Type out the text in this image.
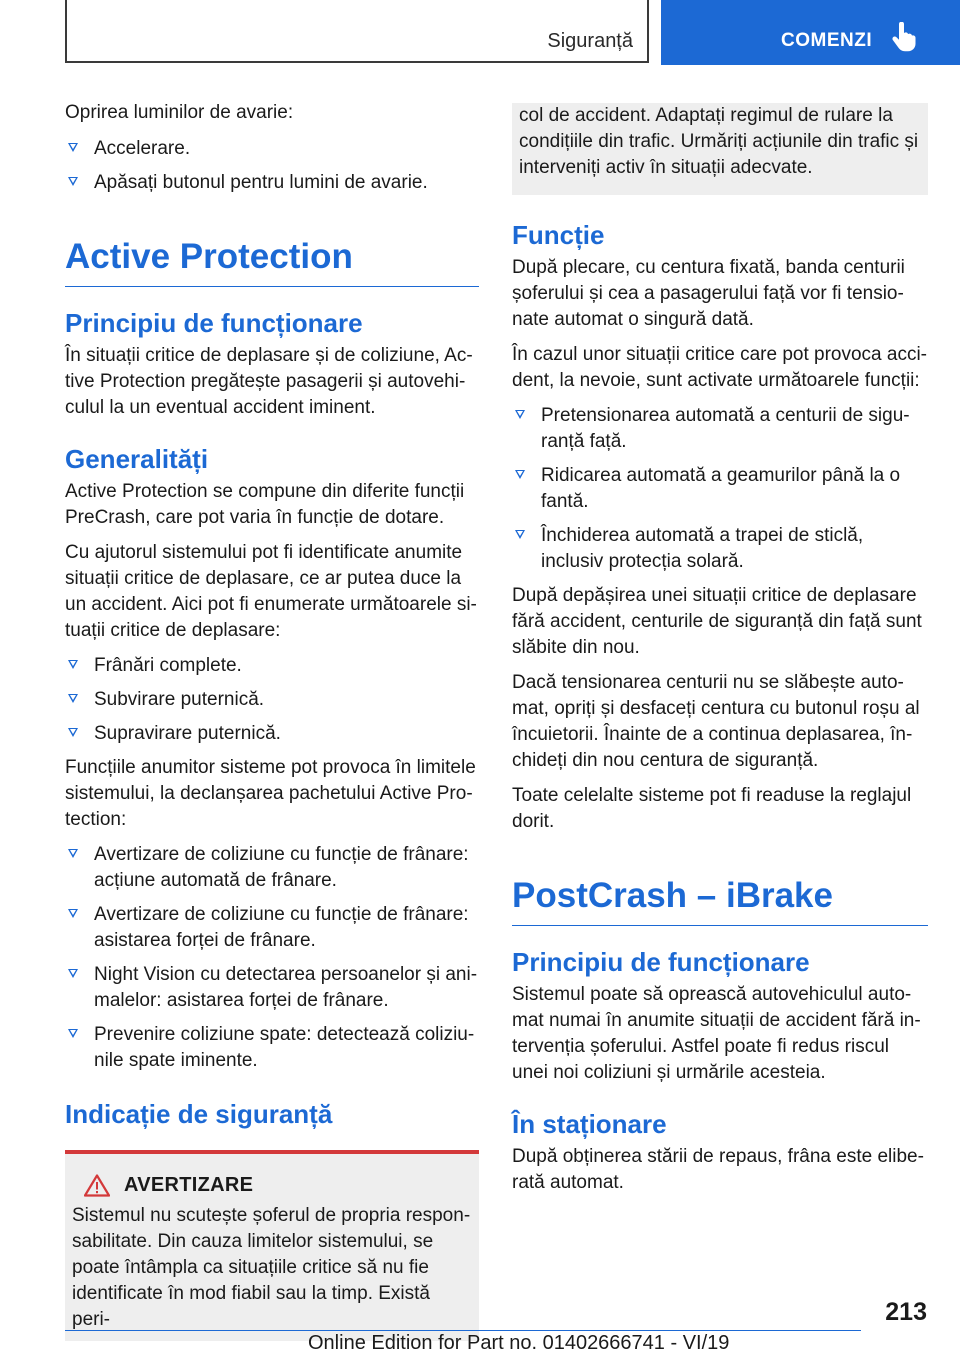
Siguranță	COMENZI

Oprirea luminilor de avarie:

Accelerare.
Apăsați butonul pentru lumini de avarie.
Active Protection
Principiu de funcționare

În situații critice de deplasare și de coliziune, Ac-tive Protection pregătește pasagerii și autovehi-culul la un eventual accident iminent.

Generalități

Active Protection se compune din diferite funcții PreCrash, care pot varia în funcție de dotare.

Cu ajutorul sistemului pot fi identificate anumite situații critice de deplasare, ce ar putea duce la un accident. Aici pot fi enumerate următoarele si-tuații critice de deplasare:

Frânări complete.
Subvirare puternică.
Supravirare puternică.

Funcțiile anumitor sisteme pot provoca în limitele sistemului, la declanșarea pachetului Active Pro-tection:

Avertizare de coliziune cu funcție de frânare: acțiune automată de frânare.
Avertizare de coliziune cu funcție de frânare: asistarea forței de frânare.
Night Vision cu detectarea persoanelor și ani-malelor: asistarea forței de frânare.
Prevenire coliziune spate: detectează coliziu-nile spate iminente.
Indicație de siguranță
AVERTIZARE

Sistemul nu scutește șoferul de propria respon-sabilitate. Din cauza limitelor sistemului, se poate întâmpla ca situațiile critice să nu fie identificate în mod fiabil sau la timp. Există peri-

col de accident. Adaptați regimul de rulare la condițiile din trafic. Urmăriți acțiunile din trafic și interveniți activ în situații adecvate.

Funcție

După plecare, cu centura fixată, banda centurii șoferului și cea a pasagerului față vor fi tensio-nate automat o singură dată.

În cazul unor situații critice care pot provoca acci-dent, la nevoie, sunt activate următoarele funcții:

Pretensionarea automată a centurii de sigu-ranță față.
Ridicarea automată a geamurilor până la o fantă.
Închiderea automată a trapei de sticlă, inclusiv protecția solară.

După depășirea unei situații critice de deplasare fără accident, centurile de siguranță din față sunt slăbite din nou.

Dacă tensionarea centurii nu se slăbește auto-mat, opriți și desfaceți centura cu butonul roșu al încuietorii. Înainte de a continua deplasarea, în-chideți din nou centura de siguranță.

Toate celelalte sisteme pot fi readuse la reglajul dorit.

PostCrash – iBrake
Principiu de funcționare

Sistemul poate să oprească autovehiculul auto-mat numai în anumite situații de accident fără in-tervenția șoferului. Astfel poate fi redus riscul unei noi coliziuni și urmările acesteia.

În staționare

După obținerea stării de repaus, frâna este elibe-rată automat.

213
Online Edition for Part no. 01402666741 - VI/19
